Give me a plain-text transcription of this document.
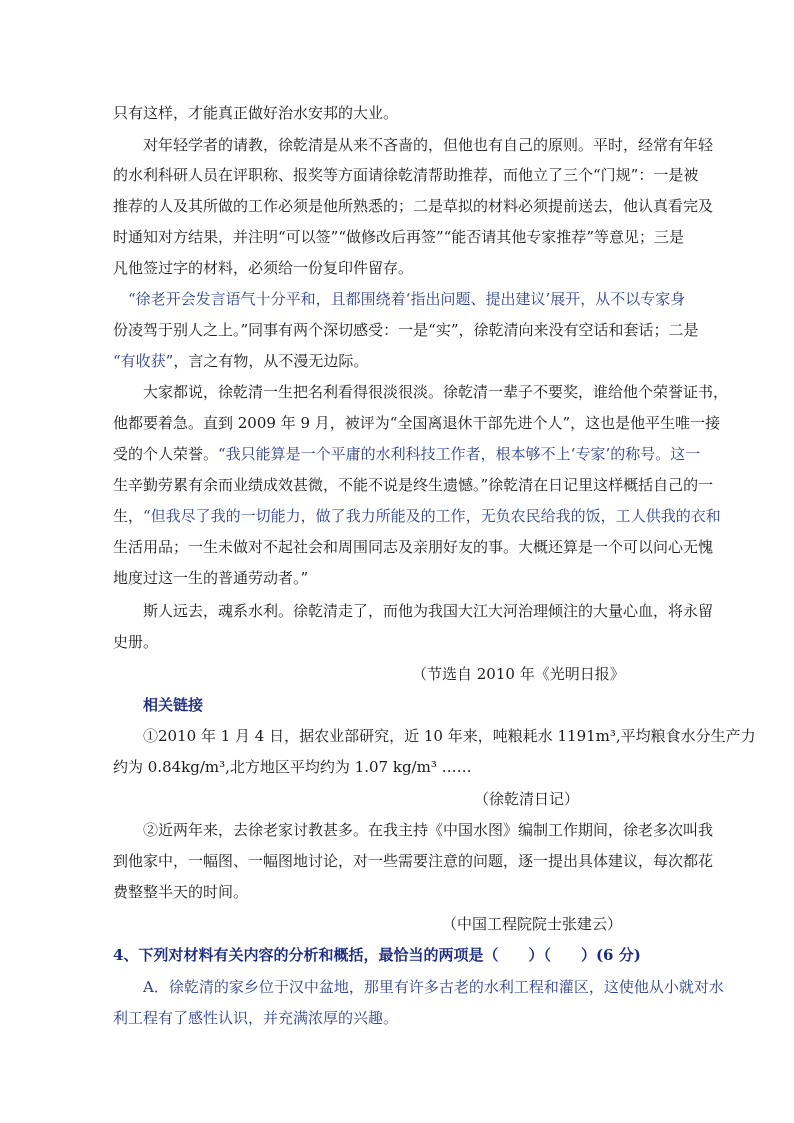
只有这样，才能真正做好治水安邦的大业。
　　对年轻学者的请教，徐乾清是从来不吝啬的，但他也有自己的原则。平时，经常有年轻
的水利科研人员在评职称、报奖等方面请徐乾清帮助推荐，而他立了三个“门规”：一是被
推荐的人及其所做的工作必须是他所熟悉的；二是草拟的材料必须提前送去，他认真看完及
时通知对方结果，并注明“可以签”“做修改后再签”“能否请其他专家推荐”等意见；三是
凡他签过字的材料，必须给一份复印件留存。
　“徐老开会发言语气十分平和，且都围绕着‘指出问题、提出建议’展开，从不以专家身
份凌驾于别人之上。”同事有两个深切感受：一是“实”，徐乾清向来没有空话和套话；二是
“有收获”，言之有物，从不漫无边际。
　　大家都说，徐乾清一生把名利看得很淡很淡。徐乾清一辈子不要奖，谁给他个荣誉证书，
他都要着急。直到 2009 年 9 月，被评为“全国离退休干部先进个人”，这也是他平生唯一接
受的个人荣誉。“我只能算是一个平庸的水利科技工作者，根本够不上‘专家’的称号。这一
生辛勤劳累有余而业绩成效甚微，不能不说是终生遗憾。”徐乾清在日记里这样概括自己的一
生，“但我尽了我的一切能力，做了我力所能及的工作，无负农民给我的饭，工人供我的衣和
生活用品；一生未做对不起社会和周围同志及亲朋好友的事。大概还算是一个可以问心无愧
地度过这一生的普通劳动者。”
　　斯人远去，魂系水利。徐乾清走了，而他为我国大江大河治理倾注的大量心血，将永留
史册。
（节选自 2010 年《光明日报》
相关链接
　　①2010 年 1 月 4 日，据农业部研究，近 10 年来，吨粮耗水 1191m³,平均粮食水分生产力
约为 0.84kg/m³,北方地区平均约为 1.07 kg/m³ ……
（徐乾清日记）
　　②近两年来，去徐老家讨教甚多。在我主持《中国水图》编制工作期间，徐老多次叫我
到他家中，一幅图、一幅图地讨论，对一些需要注意的问题，逐一提出具体建议，每次都花
费整整半天的时间。
（中国工程院院士张建云）
4、下列对材料有关内容的分析和概括，最恰当的两项是（　　）（　　）(6 分)
　　A．徐乾清的家乡位于汉中盆地，那里有许多古老的水利工程和灌区，这使他从小就对水
利工程有了感性认识，并充满浓厚的兴趣。
